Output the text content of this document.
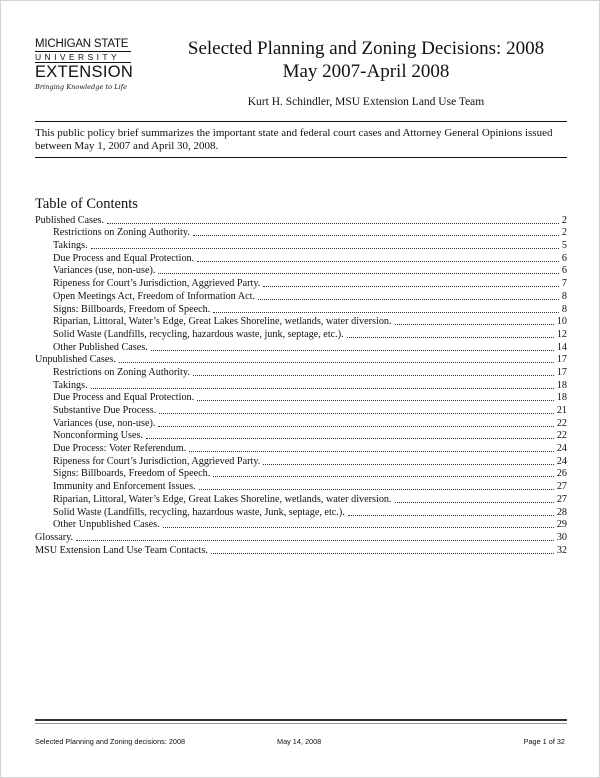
MICHIGAN STATE
UNIVERSITY
EXTENSION
Bringing Knowledge to Life
Selected Planning and Zoning Decisions: 2008
May 2007-April 2008
Kurt H. Schindler, MSU Extension Land Use Team
This public policy brief summarizes the important state and federal court cases and Attorney General Opinions issued between May 1, 2007 and April 30, 2008.
Table of Contents
Published Cases.	2
Restrictions on Zoning Authority.	2
Takings.	5
Due Process and Equal Protection.	6
Variances (use, non-use).	6
Ripeness for Court’s Jurisdiction, Aggrieved Party.	7
Open Meetings Act, Freedom of Information Act.	8
Signs: Billboards, Freedom of Speech.	8
Riparian, Littoral, Water’s Edge, Great Lakes Shoreline, wetlands, water diversion.	10
Solid Waste (Landfills, recycling, hazardous waste, junk, septage, etc.).	12
Other Published Cases.	14
Unpublished Cases.	17
Restrictions on Zoning Authority.	17
Takings.	18
Due Process and Equal Protection.	18
Substantive Due Process.	21
Variances (use, non-use).	22
Nonconforming Uses.	22
Due Process: Voter Referendum.	24
Ripeness for Court’s Jurisdiction, Aggrieved Party.	24
Signs: Billboards, Freedom of Speech.	26
Immunity and Enforcement Issues.	27
Riparian, Littoral, Water’s Edge, Great Lakes Shoreline, wetlands, water diversion.	27
Solid Waste (Landfills, recycling, hazardous waste, Junk, septage, etc.).	28
Other Unpublished Cases.	29
Glossary.	30
MSU Extension Land Use Team Contacts.	32
Selected Planning and Zoning decisions: 2008	May 14, 2008	Page 1 of 32
